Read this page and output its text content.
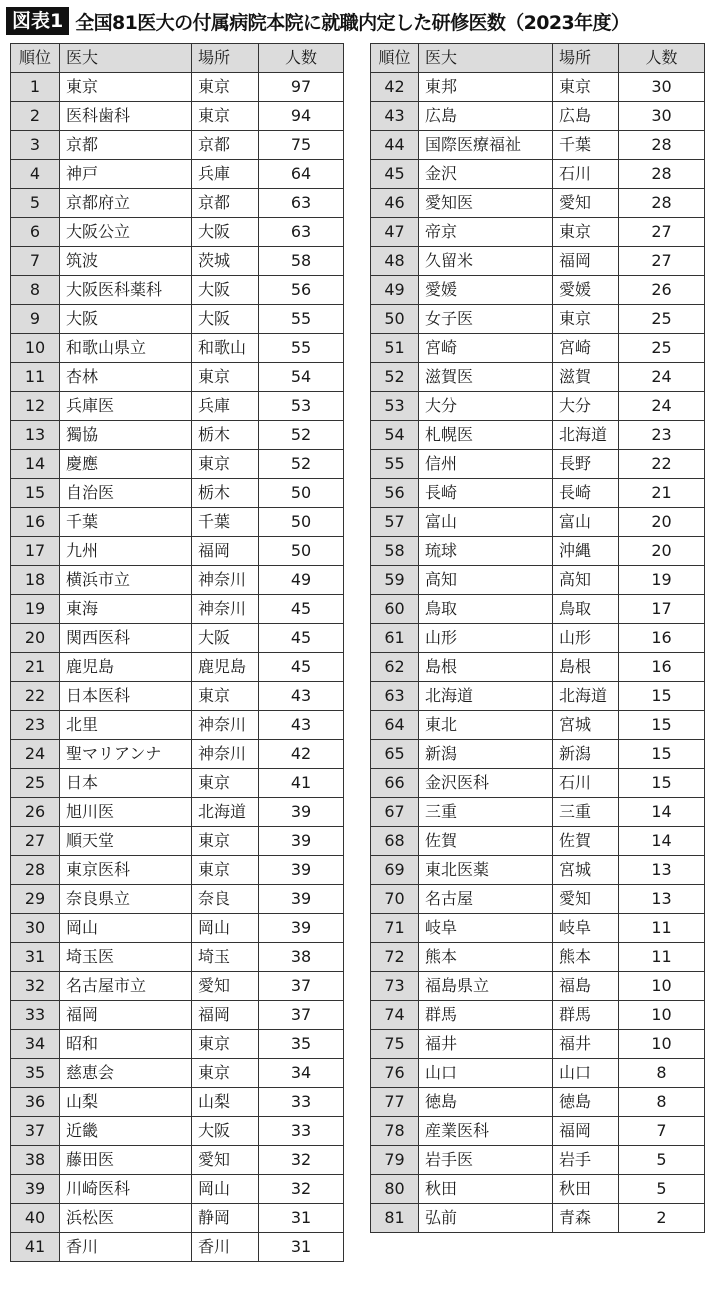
図表1 全国81医大の付属病院本院に就職内定した研修医数（2023年度）
順位	医大	場所	人数
1	東京	東京	97
2	医科歯科	東京	94
3	京都	京都	75
4	神戸	兵庫	64
5	京都府立	京都	63
6	大阪公立	大阪	63
7	筑波	茨城	58
8	大阪医科薬科	大阪	56
9	大阪	大阪	55
10	和歌山県立	和歌山	55
11	杏林	東京	54
12	兵庫医	兵庫	53
13	獨協	栃木	52
14	慶應	東京	52
15	自治医	栃木	50
16	千葉	千葉	50
17	九州	福岡	50
18	横浜市立	神奈川	49
19	東海	神奈川	45
20	関西医科	大阪	45
21	鹿児島	鹿児島	45
22	日本医科	東京	43
23	北里	神奈川	43
24	聖マリアンナ	神奈川	42
25	日本	東京	41
26	旭川医	北海道	39
27	順天堂	東京	39
28	東京医科	東京	39
29	奈良県立	奈良	39
30	岡山	岡山	39
31	埼玉医	埼玉	38
32	名古屋市立	愛知	37
33	福岡	福岡	37
34	昭和	東京	35
35	慈恵会	東京	34
36	山梨	山梨	33
37	近畿	大阪	33
38	藤田医	愛知	32
39	川崎医科	岡山	32
40	浜松医	静岡	31
41	香川	香川	31
順位	医大	場所	人数
42	東邦	東京	30
43	広島	広島	30
44	国際医療福祉	千葉	28
45	金沢	石川	28
46	愛知医	愛知	28
47	帝京	東京	27
48	久留米	福岡	27
49	愛媛	愛媛	26
50	女子医	東京	25
51	宮崎	宮崎	25
52	滋賀医	滋賀	24
53	大分	大分	24
54	札幌医	北海道	23
55	信州	長野	22
56	長崎	長崎	21
57	富山	富山	20
58	琉球	沖縄	20
59	高知	高知	19
60	鳥取	鳥取	17
61	山形	山形	16
62	島根	島根	16
63	北海道	北海道	15
64	東北	宮城	15
65	新潟	新潟	15
66	金沢医科	石川	15
67	三重	三重	14
68	佐賀	佐賀	14
69	東北医薬	宮城	13
70	名古屋	愛知	13
71	岐阜	岐阜	11
72	熊本	熊本	11
73	福島県立	福島	10
74	群馬	群馬	10
75	福井	福井	10
76	山口	山口	8
77	徳島	徳島	8
78	産業医科	福岡	7
79	岩手医	岩手	5
80	秋田	秋田	5
81	弘前	青森	2
